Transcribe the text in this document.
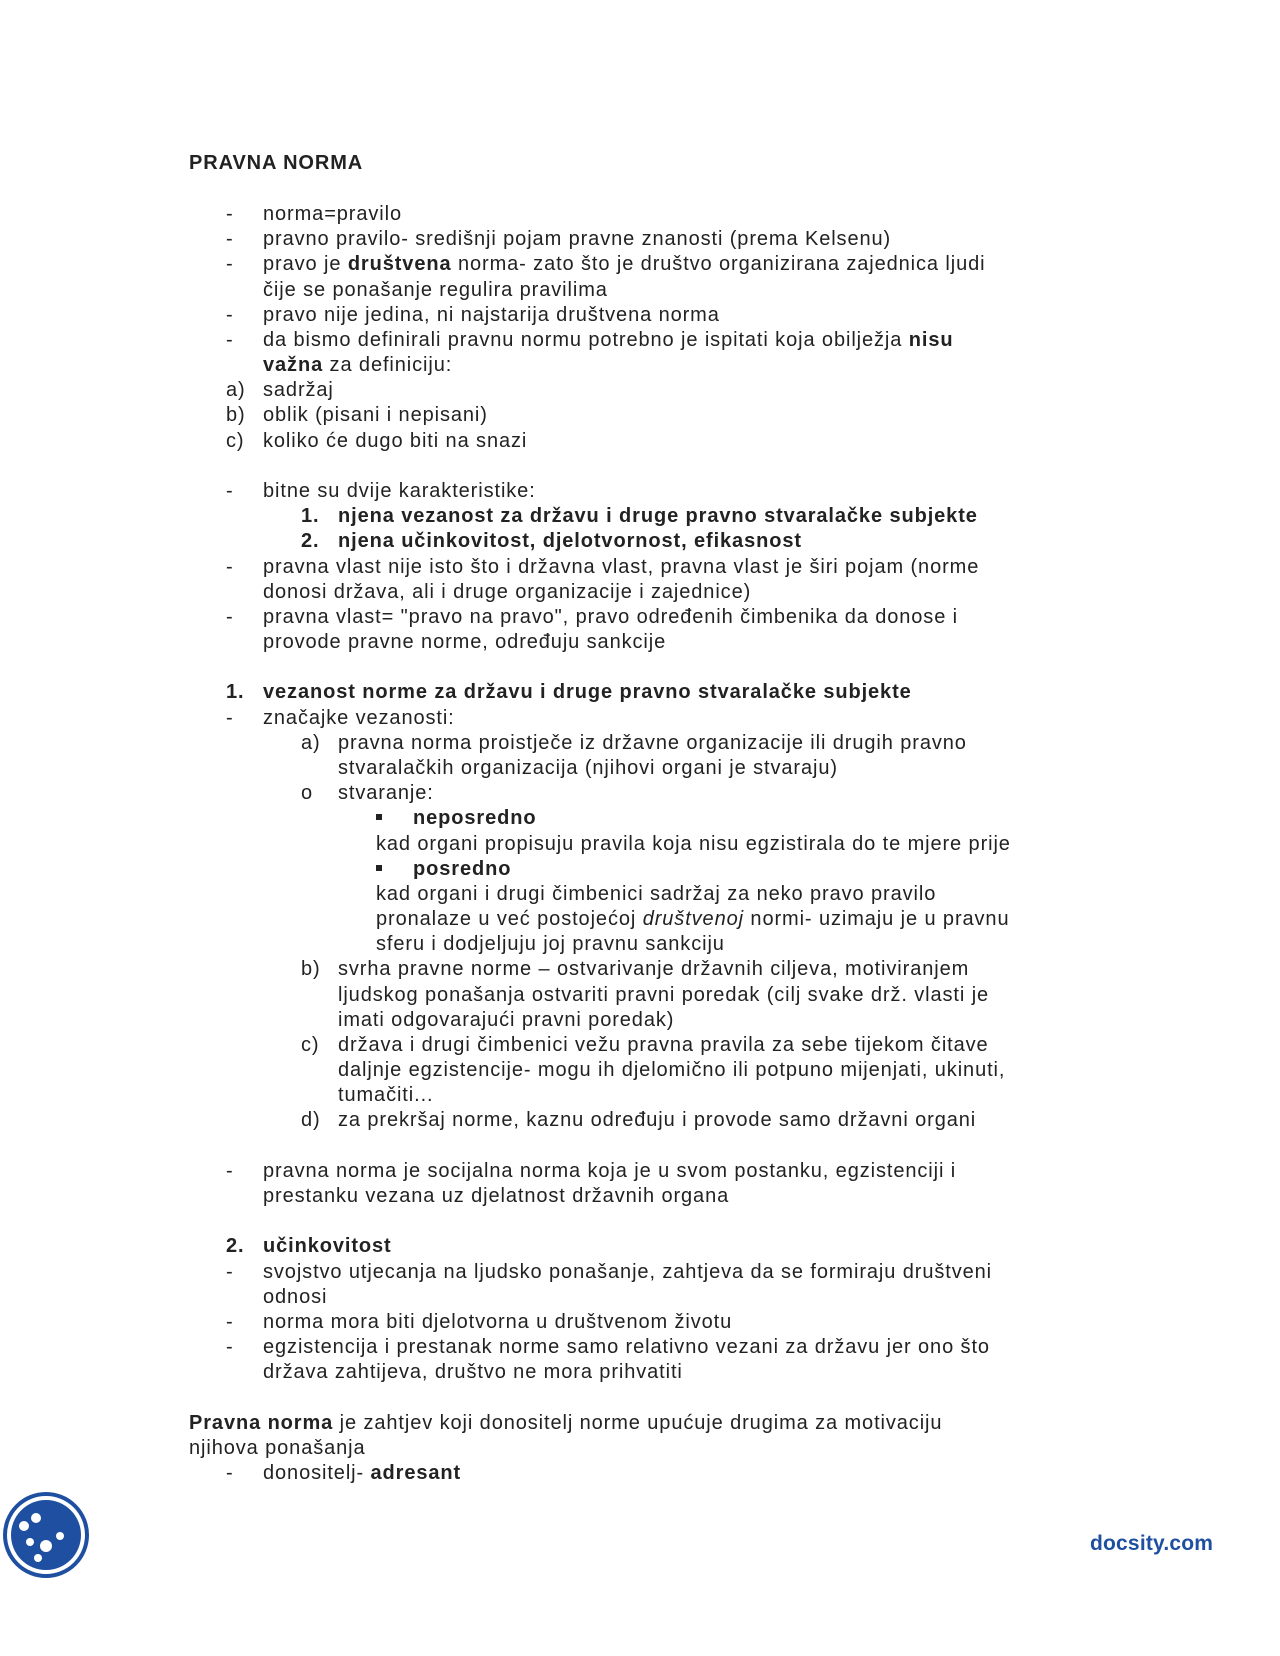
PRAVNA NORMA
- norma=pravilo
- pravno pravilo- središnji pojam pravne znanosti (prema Kelsenu)
- pravo je društvena norma- zato što je društvo organizirana zajednica ljudi
čije se ponašanje regulira pravilima
- pravo nije jedina, ni najstarija društvena norma
- da bismo definirali pravnu normu potrebno je ispitati koja obilježja nisu
važna za definiciju:
a) sadržaj
b) oblik (pisani i nepisani)
c) koliko će dugo biti na snazi
- bitne su dvije karakteristike:
1. njena vezanost za državu i druge pravno stvaralačke subjekte
2. njena učinkovitost, djelotvornost, efikasnost
- pravna vlast nije isto što i državna vlast, pravna vlast je širi pojam (norme
donosi država, ali i druge organizacije i zajednice)
- pravna vlast= "pravo na pravo", pravo određenih čimbenika da donose i
provode pravne norme, određuju sankcije
1. vezanost norme za državu i druge pravno stvaralačke subjekte
- značajke vezanosti:
a) pravna norma proistječe iz državne organizacije ili drugih pravno
stvaralačkih organizacija (njihovi organi je stvaraju)
o stvaranje:
neposredno
kad organi propisuju pravila koja nisu egzistirala do te mjere prije
posredno
kad organi i drugi čimbenici sadržaj za neko pravo pravilo
pronalaze u već postojećoj društvenoj normi- uzimaju je u pravnu
sferu i dodjeljuju joj pravnu sankciju
b) svrha pravne norme – ostvarivanje državnih ciljeva, motiviranjem
ljudskog ponašanja ostvariti pravni poredak (cilj svake drž. vlasti je
imati odgovarajući pravni poredak)
c) država i drugi čimbenici vežu pravna pravila za sebe tijekom čitave
daljnje egzistencije- mogu ih djelomično ili potpuno mijenjati, ukinuti,
tumačiti...
d) za prekršaj norme, kaznu određuju i provode samo državni organi
- pravna norma je socijalna norma koja je u svom postanku, egzistenciji i
prestanku vezana uz djelatnost državnih organa
2. učinkovitost
- svojstvo utjecanja na ljudsko ponašanje, zahtjeva da se formiraju društveni
odnosi
- norma mora biti djelotvorna u društvenom životu
- egzistencija i prestanak norme samo relativno vezani za državu jer ono što
država zahtijeva, društvo ne mora prihvatiti
Pravna norma je zahtjev koji donositelj norme upućuje drugima za motivaciju
njihova ponašanja
- donositelj- adresant
docsity.com
